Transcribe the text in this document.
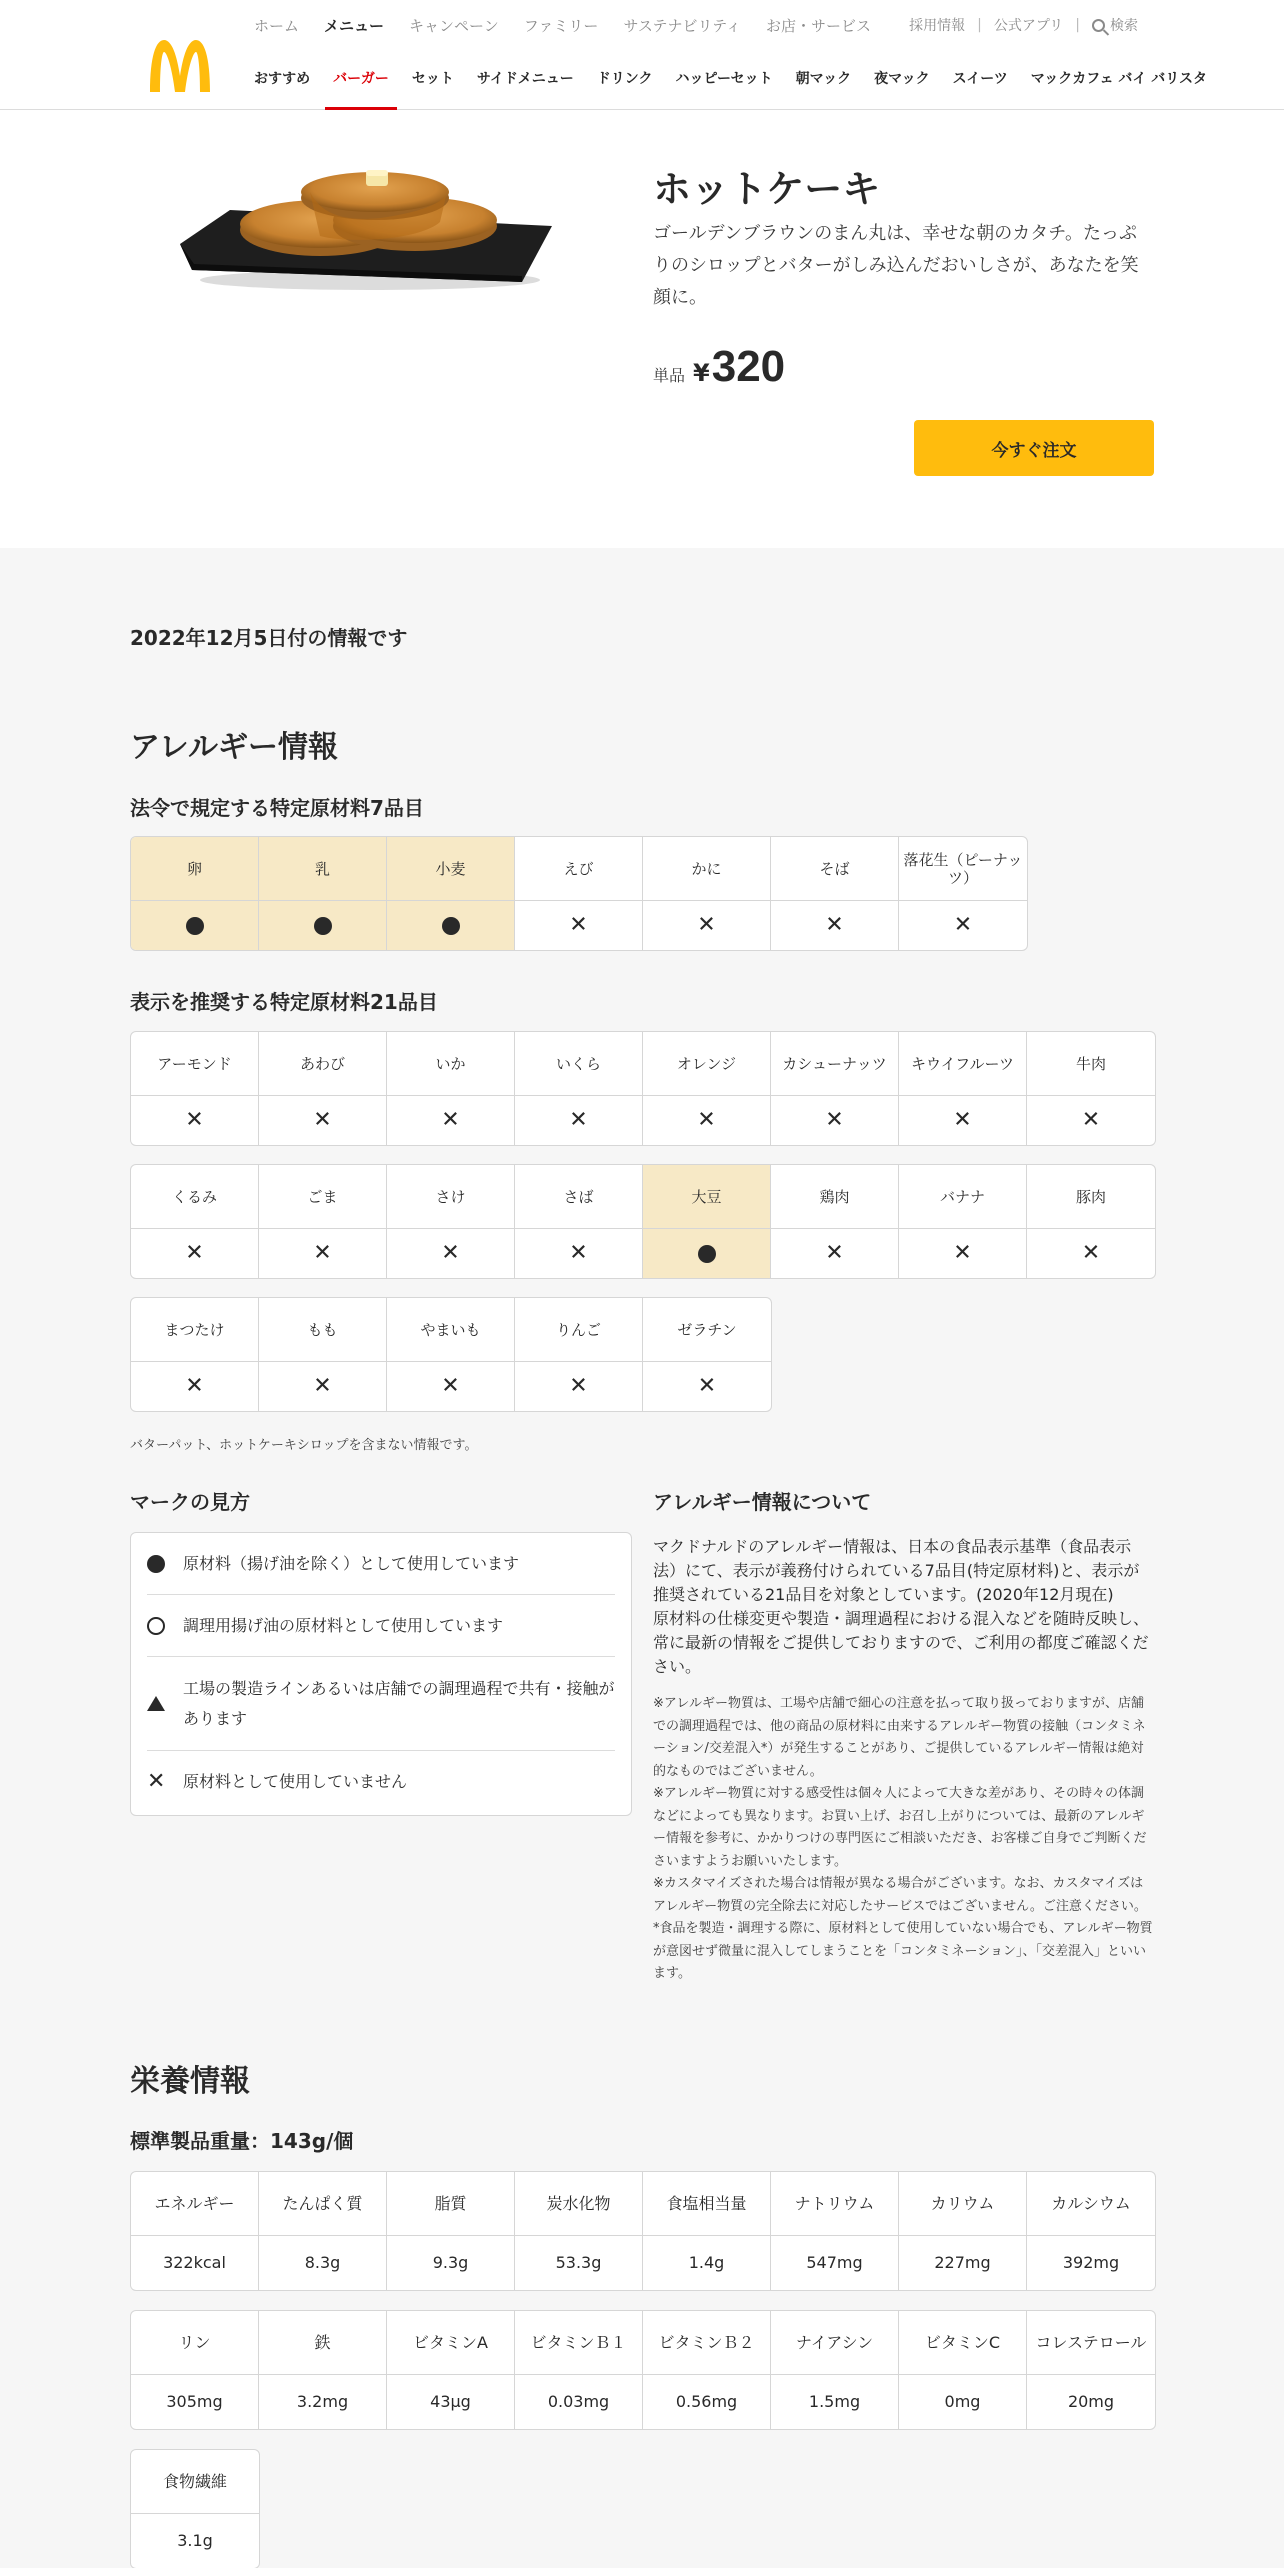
ホーム メニュー キャンペーン ファミリー サステナビリティ お店・サービス	採用情報 | 公式アプリ | 検索
おすすめ バーガー セット サイドメニュー ドリンク ハッピーセット 朝マック 夜マック スイーツ マックカフェ バイ バリスタ
ホットケーキ
ゴールデンブラウンのまん丸は、幸せな朝のカタチ。たっぷりのシロップとバターがしみ込んだおいしさが、あなたを笑顔に。
単品 ¥ 320
今すぐ注文
2022年12月5日付の情報です
アレルギー情報
法令で規定する特定原材料7品目
卵	乳	小麦	えび	かに	そば	落花生（ピーナッツ）
			✕	✕	✕	✕
表示を推奨する特定原材料21品目
アーモンド	あわび	いか	いくら	オレンジ	カシューナッツ	キウイフルーツ	牛肉
✕	✕	✕	✕	✕	✕	✕	✕
くるみ	ごま	さけ	さば	大豆	鶏肉	バナナ	豚肉
✕	✕	✕	✕		✕	✕	✕
まつたけ	もも	やまいも	りんご	ゼラチン
✕	✕	✕	✕	✕
バターパット、ホットケーキシロップを含まない情報です。
マークの見方
原材料（揚げ油を除く）として使用しています
調理用揚げ油の原材料として使用しています
工場の製造ラインあるいは店舗での調理過程で共有・接触があります
✕ 原材料として使用していません
アレルギー情報について
マクドナルドのアレルギー情報は、日本の食品表示基準（食品表示法）にて、表示が義務付けられている7品目(特定原材料)と、表示が推奨されている21品目を対象としています。(2020年12月現在)
原材料の仕様変更や製造・調理過程における混入などを随時反映し、常に最新の情報をご提供しておりますので、ご利用の都度ご確認ください。
※アレルギー物質は、工場や店舗で細心の注意を払って取り扱っておりますが、店舗での調理過程では、他の商品の原材料に由来するアレルギー物質の接触（コンタミネーション/交差混入*）が発生することがあり、ご提供しているアレルギー情報は絶対的なものではございません。
※アレルギー物質に対する感受性は個々人によって大きな差があり、その時々の体調などによっても異なります。お買い上げ、お召し上がりについては、最新のアレルギー情報を参考に、かかりつけの専門医にご相談いただき、お客様ご自身でご判断くださいますようお願いいたします。
※カスタマイズされた場合は情報が異なる場合がございます。なお、カスタマイズはアレルギー物質の完全除去に対応したサービスではございません。ご注意ください。
*食品を製造・調理する際に、原材料として使用していない場合でも、アレルギー物質が意図せず微量に混入してしまうことを「コンタミネーション」、「交差混入」といいます。
栄養情報
標準製品重量：143g/個
エネルギー	たんぱく質	脂質	炭水化物	食塩相当量	ナトリウム	カリウム	カルシウム
322kcal	8.3g	9.3g	53.3g	1.4g	547mg	227mg	392mg
リン	鉄	ビタミンA	ビタミンＢ１	ビタミンＢ２	ナイアシン	ビタミンC	コレステロール
305mg	3.2mg	43μg	0.03mg	0.56mg	1.5mg	0mg	20mg
食物繊維
3.1g
